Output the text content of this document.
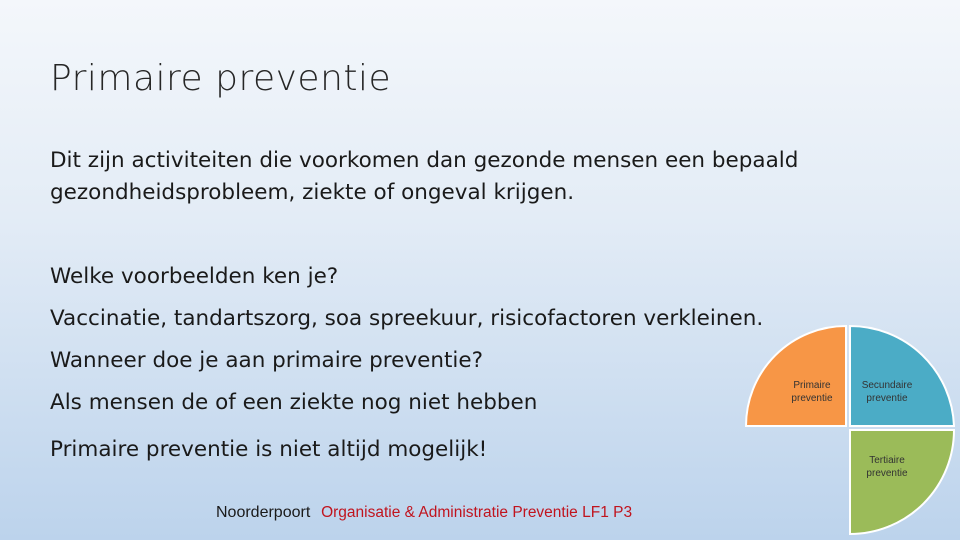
Primaire preventie
Dit zijn activiteiten die voorkomen dan gezonde mensen een bepaald
gezondheidsprobleem, ziekte of ongeval krijgen.
Welke voorbeelden ken je?
Vaccinatie, tandartszorg, soa spreekuur, risicofactoren verkleinen.
Wanneer doe je aan primaire preventie?
Als mensen de of een ziekte nog niet hebben
Primaire preventie is niet altijd mogelijk!
Noorderpoort Organisatie & Administratie Preventie LF1 P3
Primaire
preventie
Secundaire
preventie
Tertiaire
preventie
